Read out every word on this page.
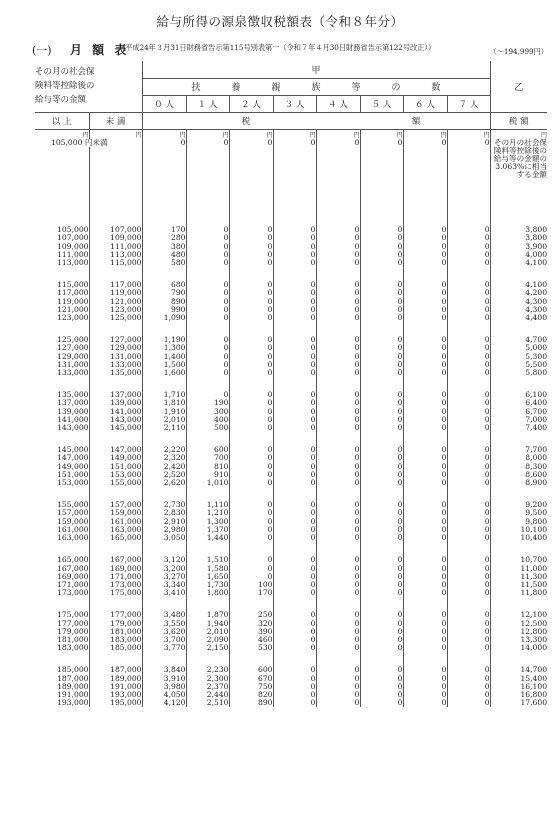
給与所得の源泉徴収税額表（令和８年分）
(一) 月 額 表
（平成24年３月31日財務省告示第115号別表第一（令和７年４月30日財務省告示第122号改正））	（～194,999円）
その月の社会保
険料等控除後の
給与等の金額		甲								乙
		扶 養 親 族 等 の 数								
		０ 人	１ 人	２ 人	３ 人	４ 人	５ 人	６ 人	７ 人	
以 上	未 満	税 額								税 額
円	円	円	円	円	円	円	円	円	円	円
105,000 円未満		0	0	0	0	0	0	0	0	その月の社会保険料等控除後の給与等の金額の3.063%に相当する金額

105,000	107,000	170	0	0	0	0	0	0	0	3,800
107,000	109,000	280	0	0	0	0	0	0	0	3,800
109,000	111,000	380	0	0	0	0	0	0	0	3,900
111,000	113,000	480	0	0	0	0	0	0	0	4,000
113,000	115,000	580	0	0	0	0	0	0	0	4,100

115,000	117,000	680	0	0	0	0	0	0	0	4,100
117,000	119,000	790	0	0	0	0	0	0	0	4,200
119,000	121,000	890	0	0	0	0	0	0	0	4,300
121,000	123,000	990	0	0	0	0	0	0	0	4,300
123,000	125,000	1,090	0	0	0	0	0	0	0	4,400

125,000	127,000	1,190	0	0	0	0	0	0	0	4,700
127,000	129,000	1,300	0	0	0	0	0	0	0	5,000
129,000	131,000	1,400	0	0	0	0	0	0	0	5,300
131,000	133,000	1,500	0	0	0	0	0	0	0	5,500
133,000	135,000	1,600	0	0	0	0	0	0	0	5,800

135,000	137,000	1,710	0	0	0	0	0	0	0	6,100
137,000	139,000	1,810	190	0	0	0	0	0	0	6,400
139,000	141,000	1,910	300	0	0	0	0	0	0	6,700
141,000	143,000	2,010	400	0	0	0	0	0	0	7,000
143,000	145,000	2,110	500	0	0	0	0	0	0	7,400

145,000	147,000	2,220	600	0	0	0	0	0	0	7,700
147,000	149,000	2,320	700	0	0	0	0	0	0	8,000
149,000	151,000	2,420	810	0	0	0	0	0	0	8,300
151,000	153,000	2,520	910	0	0	0	0	0	0	8,600
153,000	155,000	2,620	1,010	0	0	0	0	0	0	8,900

155,000	157,000	2,730	1,110	0	0	0	0	0	0	9,200
157,000	159,000	2,830	1,210	0	0	0	0	0	0	9,500
159,000	161,000	2,910	1,300	0	0	0	0	0	0	9,800
161,000	163,000	2,980	1,370	0	0	0	0	0	0	10,100
163,000	165,000	3,050	1,440	0	0	0	0	0	0	10,400

165,000	167,000	3,120	1,510	0	0	0	0	0	0	10,700
167,000	169,000	3,200	1,580	0	0	0	0	0	0	11,000
169,000	171,000	3,270	1,650	0	0	0	0	0	0	11,300
171,000	173,000	3,340	1,730	100	0	0	0	0	0	11,500
173,000	175,000	3,410	1,800	170	0	0	0	0	0	11,800

175,000	177,000	3,480	1,870	250	0	0	0	0	0	12,100
177,000	179,000	3,550	1,940	320	0	0	0	0	0	12,500
179,000	181,000	3,620	2,010	390	0	0	0	0	0	12,800
181,000	183,000	3,700	2,090	460	0	0	0	0	0	13,300
183,000	185,000	3,770	2,150	530	0	0	0	0	0	14,000

185,000	187,000	3,840	2,230	600	0	0	0	0	0	14,700
187,000	189,000	3,910	2,300	670	0	0	0	0	0	15,400
189,000	191,000	3,980	2,370	750	0	0	0	0	0	16,100
191,000	193,000	4,050	2,440	820	0	0	0	0	0	16,800
193,000	195,000	4,120	2,510	890	0	0	0	0	0	17,600
